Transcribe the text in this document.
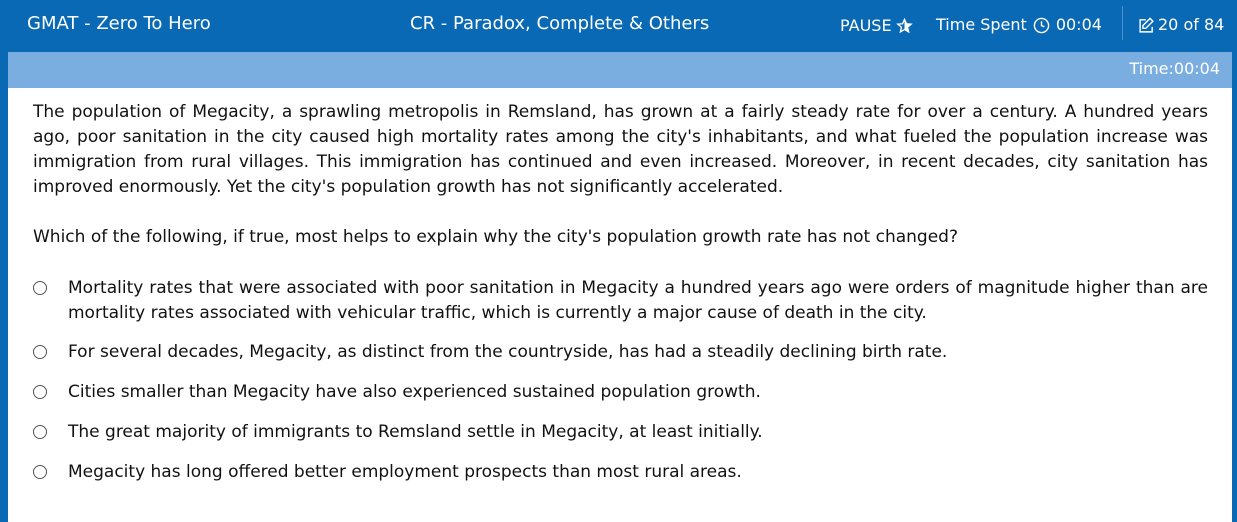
GMAT - Zero To Hero	CR - Paradox, Complete & Others	PAUSE	Time Spent 00:04	20 of 84
Time:00:04
The population of Megacity, a sprawling metropolis in Remsland, has grown at a fairly steady rate for over a century. A hundred years ago, poor sanitation in the city caused high mortality rates among the city's inhabitants, and what fueled the population increase was immigration from rural villages. This immigration has continued and even increased. Moreover, in recent decades, city sanitation has improved enormously. Yet the city's population growth has not significantly accelerated.
Which of the following, if true, most helps to explain why the city's population growth rate has not changed?
Mortality rates that were associated with poor sanitation in Megacity a hundred years ago were orders of magnitude higher than are mortality rates associated with vehicular traffic, which is currently a major cause of death in the city.
For several decades, Megacity, as distinct from the countryside, has had a steadily declining birth rate.
Cities smaller than Megacity have also experienced sustained population growth.
The great majority of immigrants to Remsland settle in Megacity, at least initially.
Megacity has long offered better employment prospects than most rural areas.
